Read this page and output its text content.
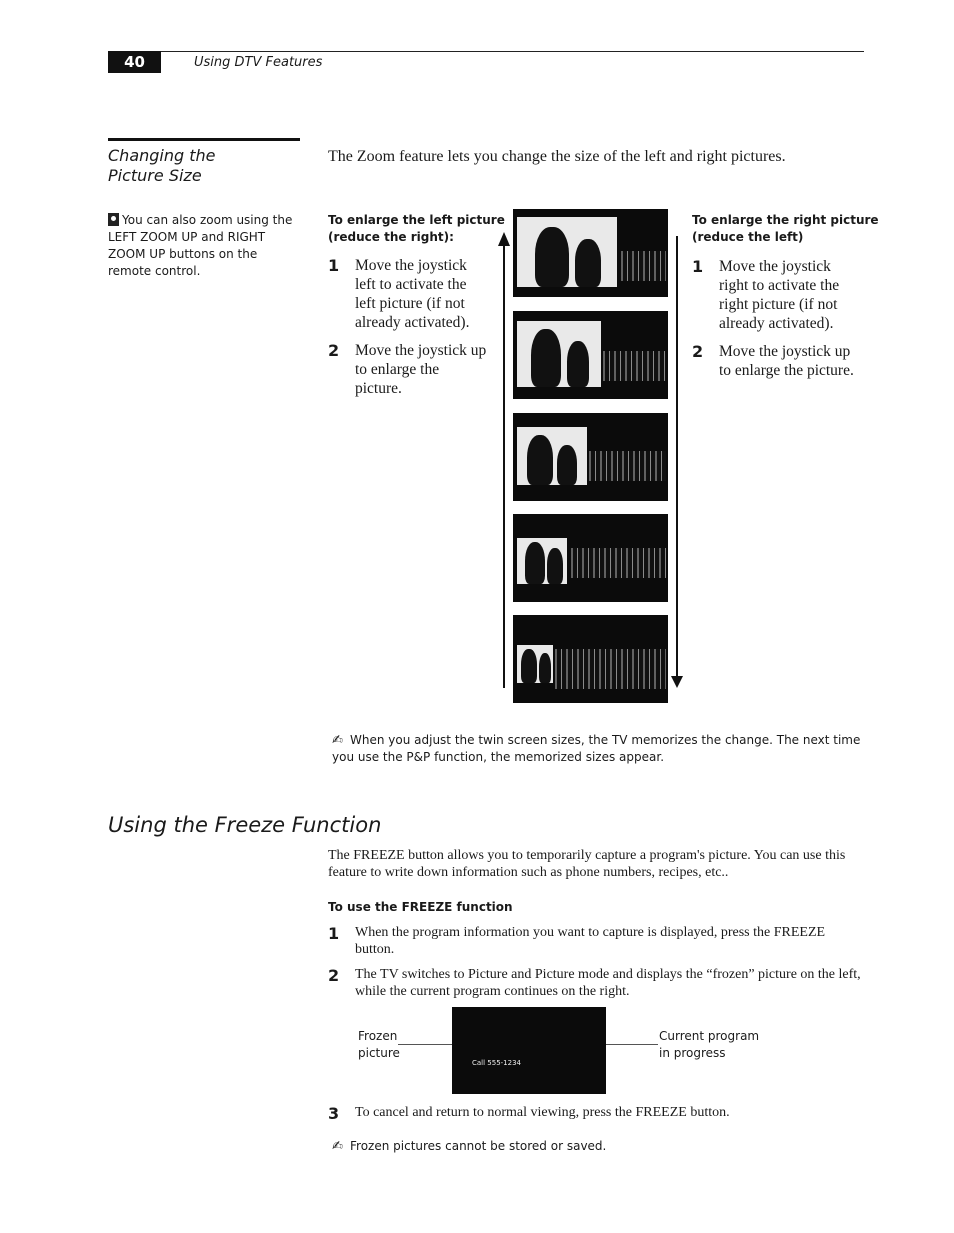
40	Using DTV Features
Changing the
Picture Size
The Zoom feature lets you change the size of the left and right pictures.
You can also zoom using the LEFT ZOOM UP and RIGHT ZOOM UP buttons on the remote control.
To enlarge the left picture
(reduce the right):
1 Move the joystick left to activate the left picture (if not already activated).
2 Move the joystick up to enlarge the picture.
To enlarge the right picture
(reduce the left)
1 Move the joystick right to activate the right picture (if not already activated).
2 Move the joystick up to enlarge the picture.
✍ When you adjust the twin screen sizes, the TV memorizes the change. The next time you use the P&P function, the memorized sizes appear.
Using the Freeze Function
The FREEZE button allows you to temporarily capture a program's picture. You can use this feature to write down information such as phone numbers, recipes, etc..
To use the FREEZE function
1 When the program information you want to capture is displayed, press the FREEZE button.
2 The TV switches to Picture and Picture mode and displays the “frozen” picture on the left, while the current program continues on the right.
Frozen
picture
Call 555-1234
Current program
in progress
3 To cancel and return to normal viewing, press the FREEZE button.
✍ Frozen pictures cannot be stored or saved.
